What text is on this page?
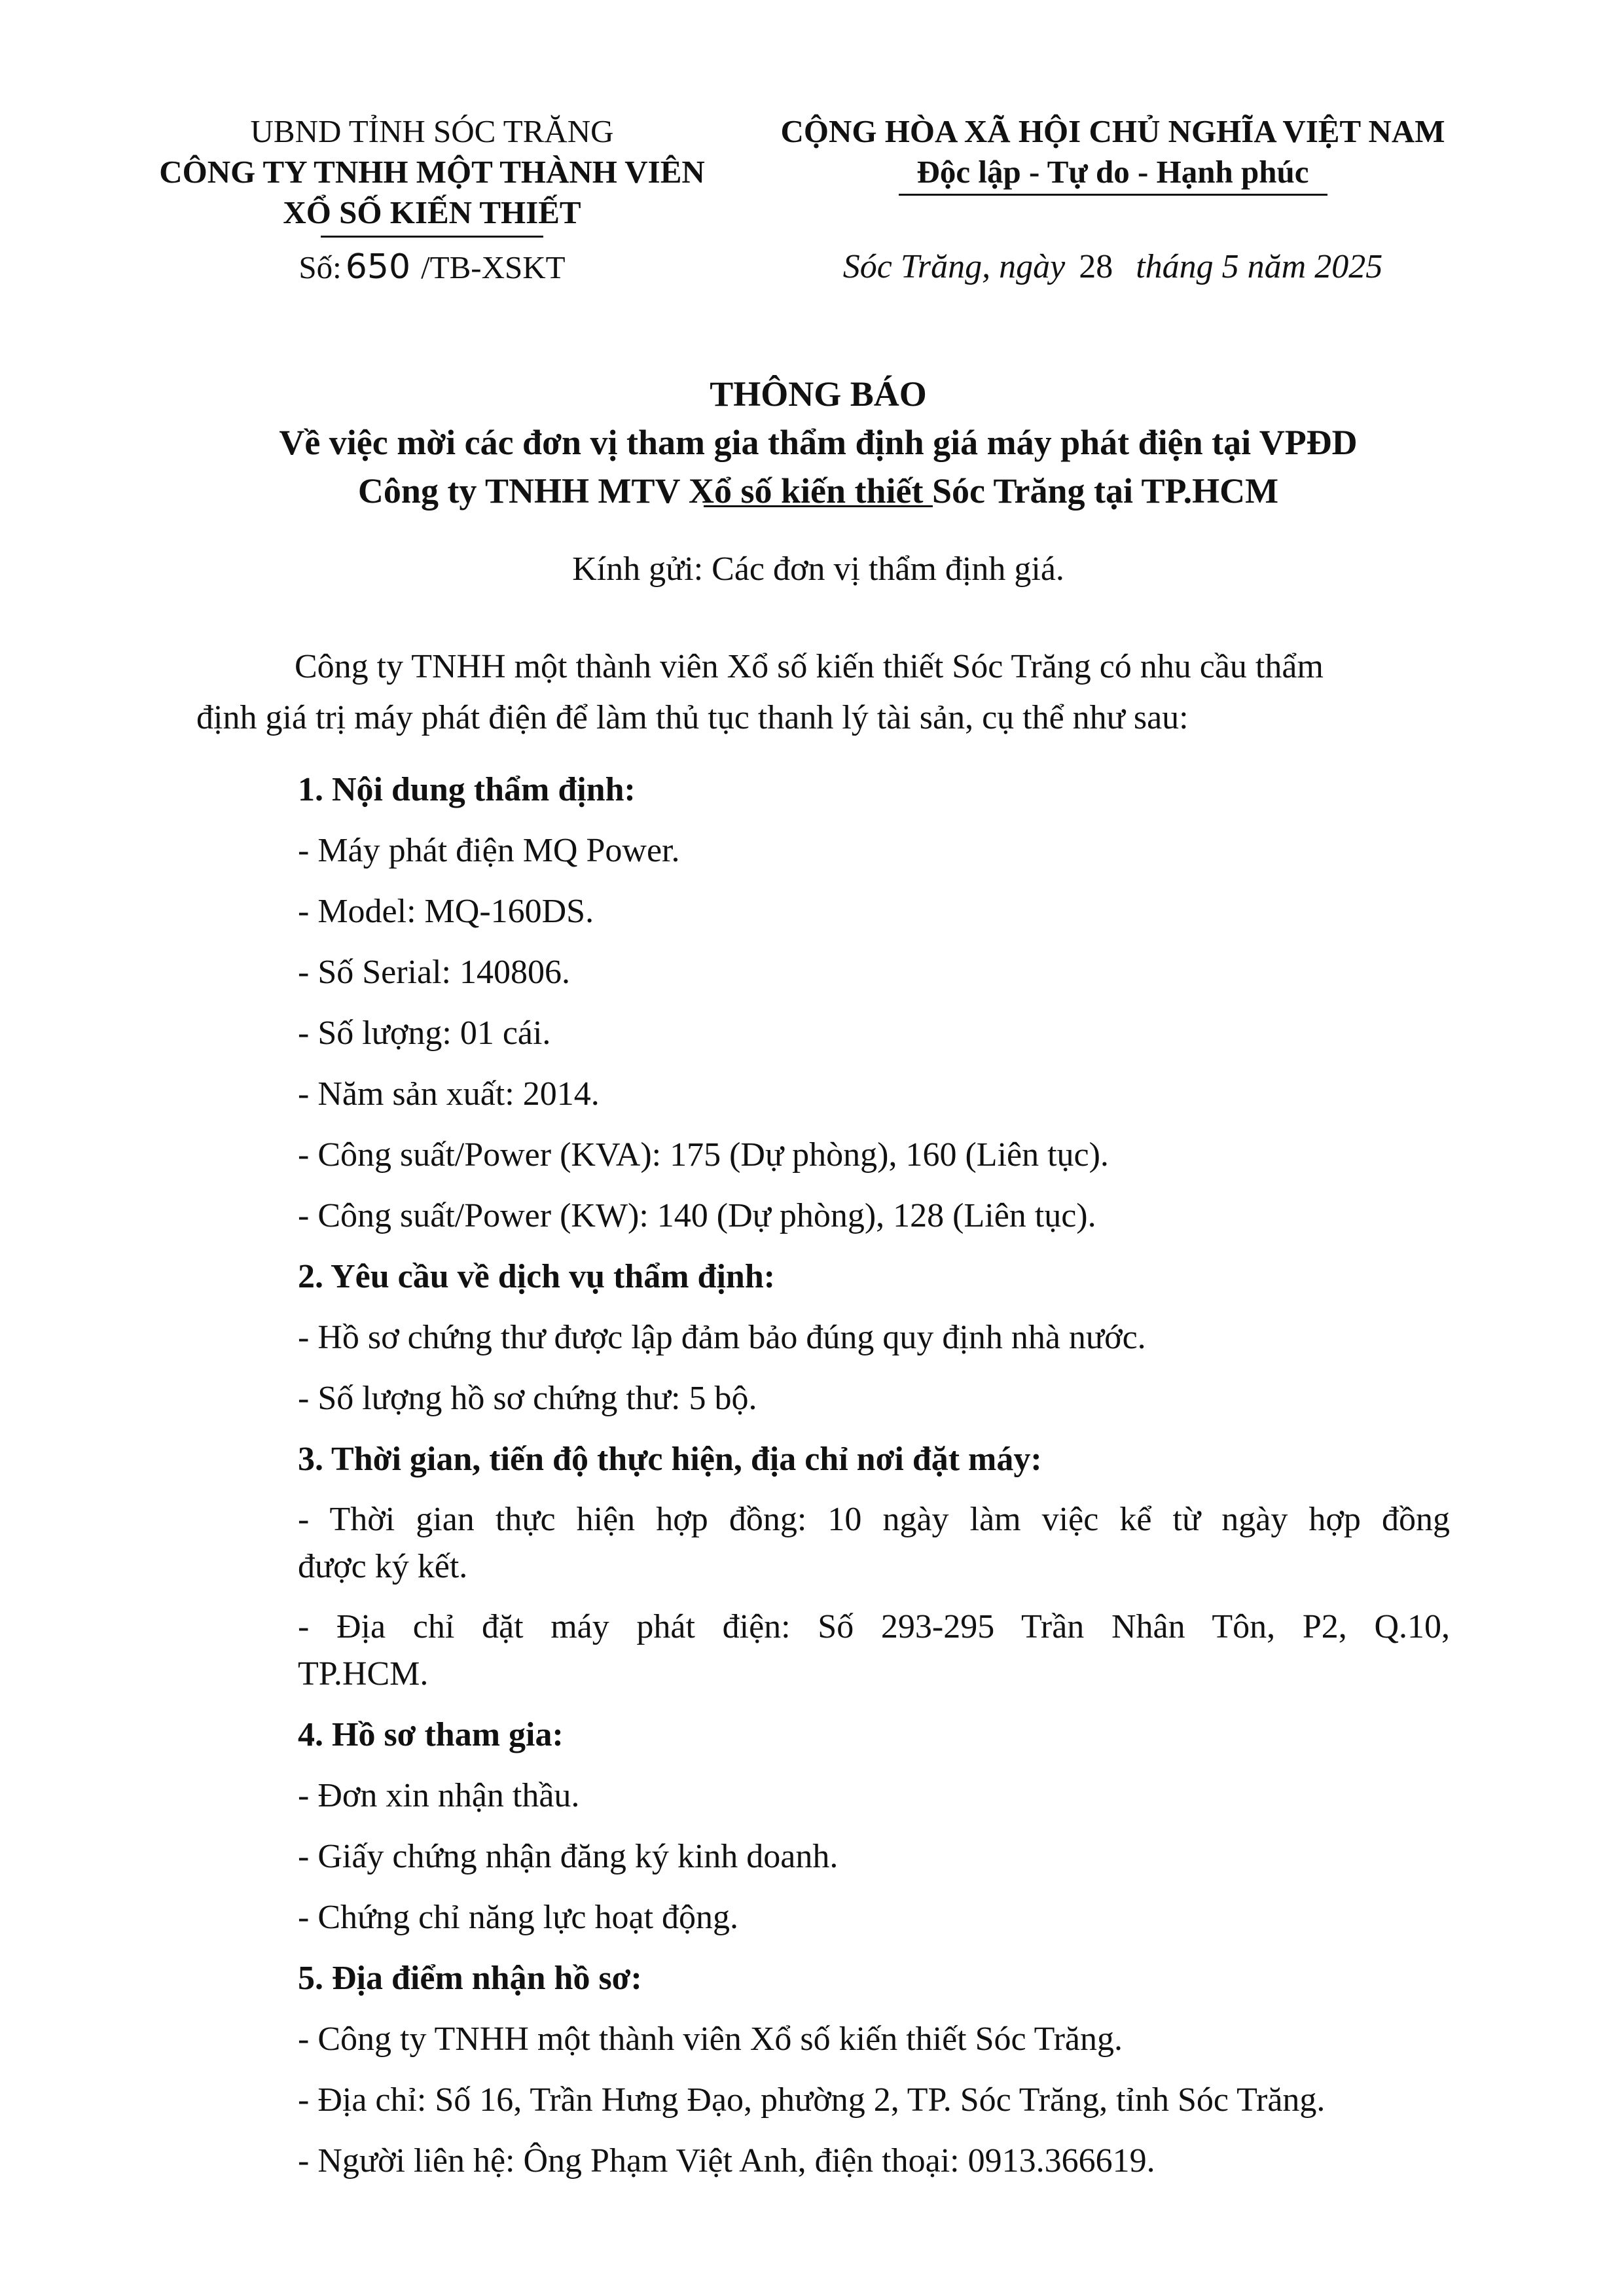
UBND TỈNH SÓC TRĂNG
CÔNG TY TNHH MỘT THÀNH VIÊN
XỔ SỐ KIẾN THIẾT
CỘNG HÒA XÃ HỘI CHỦ NGHĨA VIỆT NAM
Độc lập - Tự do - Hạnh phúc
Số: 650 /TB-XSKT	Sóc Trăng, ngày 28 tháng 5 năm 2025
THÔNG BÁO
Về việc mời các đơn vị tham gia thẩm định giá máy phát điện tại VPĐD
Công ty TNHH MTV Xổ số kiến thiết Sóc Trăng tại TP.HCM
Kính gửi: Các đơn vị thẩm định giá.
Công ty TNHH một thành viên Xổ số kiến thiết Sóc Trăng có nhu cầu thẩm
định giá trị máy phát điện để làm thủ tục thanh lý tài sản, cụ thể như sau:
1. Nội dung thẩm định:
- Máy phát điện MQ Power.
- Model: MQ-160DS.
- Số Serial: 140806.
- Số lượng: 01 cái.
- Năm sản xuất: 2014.
- Công suất/Power (KVA): 175 (Dự phòng), 160 (Liên tục).
- Công suất/Power (KW): 140 (Dự phòng), 128 (Liên tục).
2. Yêu cầu về dịch vụ thẩm định:
- Hồ sơ chứng thư được lập đảm bảo đúng quy định nhà nước.
- Số lượng hồ sơ chứng thư: 5 bộ.
3. Thời gian, tiến độ thực hiện, địa chỉ nơi đặt máy:
- Thời gian thực hiện hợp đồng: 10 ngày làm việc kể từ ngày hợp đồng
được ký kết.
- Địa chỉ đặt máy phát điện: Số 293-295 Trần Nhân Tôn, P2, Q.10,
TP.HCM.
4. Hồ sơ tham gia:
- Đơn xin nhận thầu.
- Giấy chứng nhận đăng ký kinh doanh.
- Chứng chỉ năng lực hoạt động.
5. Địa điểm nhận hồ sơ:
- Công ty TNHH một thành viên Xổ số kiến thiết Sóc Trăng.
- Địa chỉ: Số 16, Trần Hưng Đạo, phường 2, TP. Sóc Trăng, tỉnh Sóc Trăng.
- Người liên hệ: Ông Phạm Việt Anh, điện thoại: 0913.366619.
